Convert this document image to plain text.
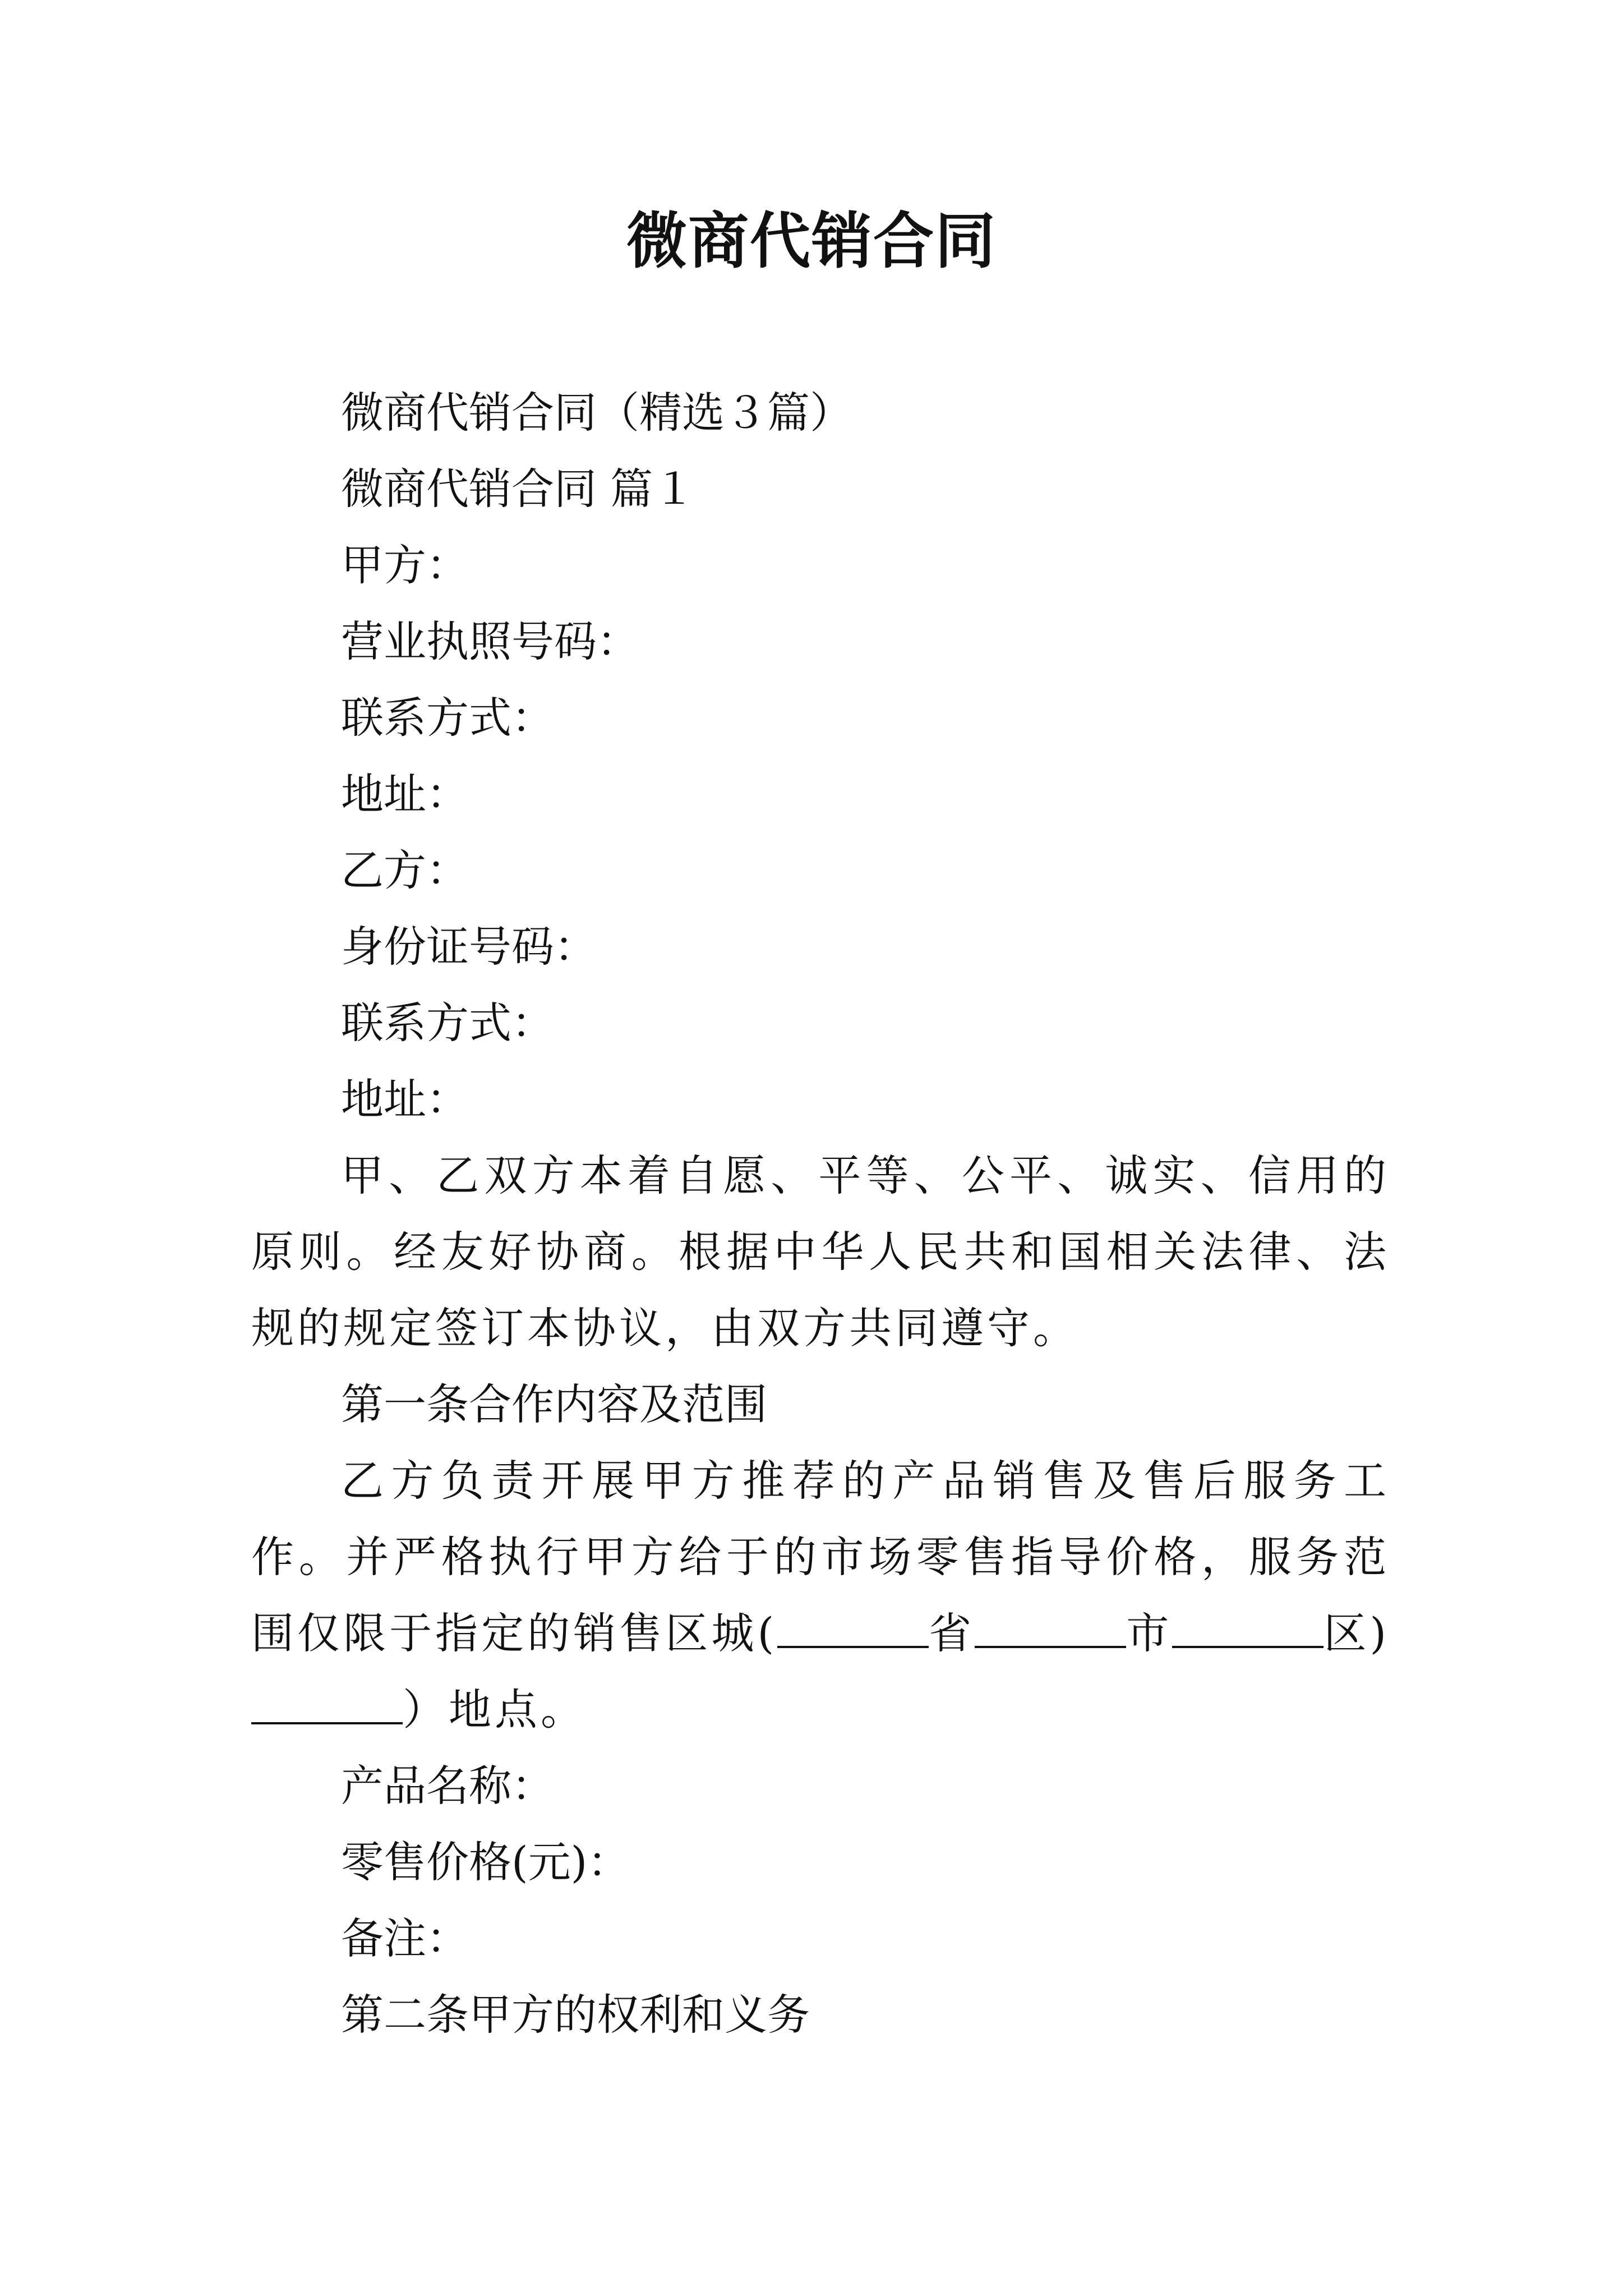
微商代销合同
微商代销合同（精选３篇）
微商代销合同 篇１
甲方：
营业执照号码：
联系方式：
地址：
乙方：
身份证号码：
联系方式：
地址：

甲、乙双方本着自愿、平等、公平、诚实、信用的原则。经友好协商。根据中华人民共和国相关法律、法规的规定签订本协议，由双方共同遵守。

第一条合作内容及范围

乙方负责开展甲方推荐的产品销售及售后服务工作。并严格执行甲方给于的市场零售指导价格，服务范围仅限于指定的销售区城(	省	市	区)）地点。

产品名称：
零售价格(元)：
备注：
第二条甲方的权利和义务
